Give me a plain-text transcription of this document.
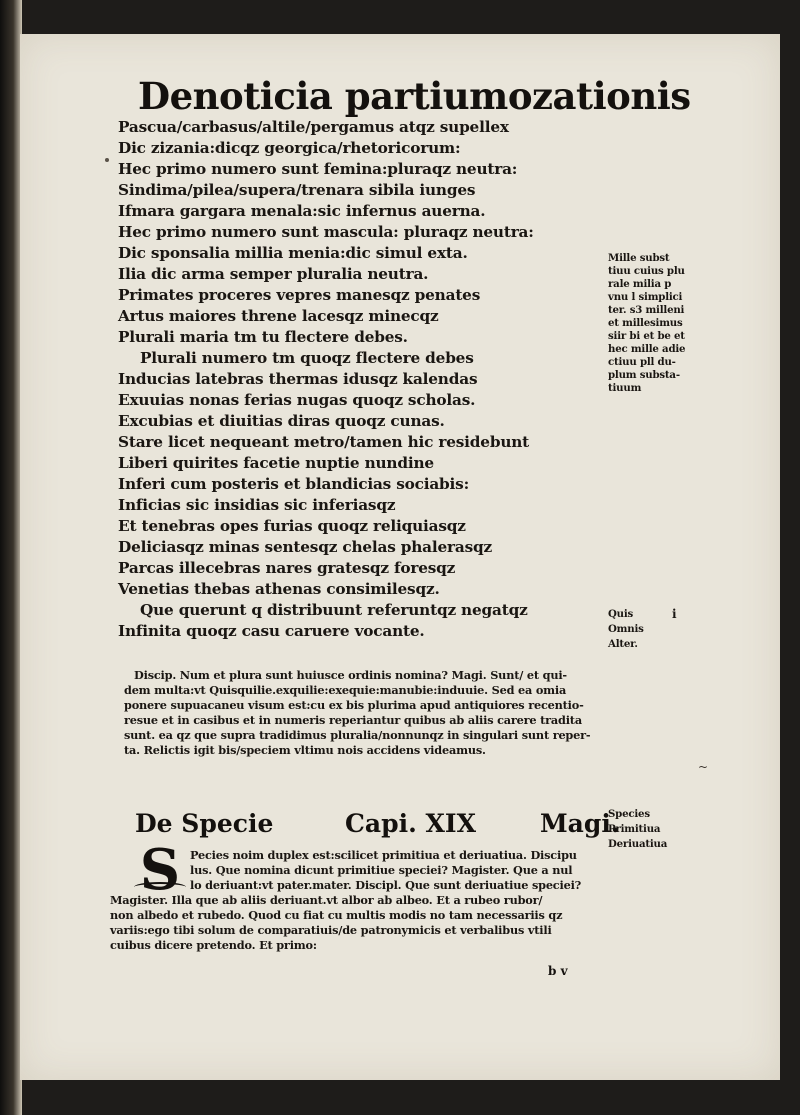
Denoticia partiumozationis
Pascua/carbasus/altile/pergamus atqz supellex
Dic zizania:dicqz georgica/rhetoricorum:
Hec primo numero sunt femina:pluraqz neutra:
Sindima/pilea/supera/trenara sibila iunges
Ifmara gargara menala:sic infernus auerna.
Hec primo numero sunt mascula: pluraqz neutra:
Dic sponsalia millia menia:dic simul exta.
Ilia dic arma semper pluralia neutra.
Primates proceres vepres manesqz penates
Artus maiores threne lacesqz minecqz
Plurali maria tm tu flectere debes.
Plurali numero tm quoqz flectere debes
Inducias latebras thermas idusqz kalendas
Exuuias nonas ferias nugas quoqz scholas.
Excubias et diuitias diras quoqz cunas.
Stare licet nequeant metro/tamen hic residebunt
Liberi quirites facetie nuptie nundine
Inferi cum posteris et blandicias sociabis:
Inficias sic insidias sic inferiasqz
Et tenebras opes furias quoqz reliquiasqz
Deliciasqz minas sentesqz chelas phalerasqz
Parcas illecebras nares gratesqz foresqz
Venetias thebas athenas consimilesqz.
Que querunt q distribuunt referuntqz negatqz
Infinita quoqz casu caruere vocante.
Mille subst
tiuu cuius plu
rale milia p
vnu l simplici
ter. s3 milleni
et millesimus
siir bi et be et
hec mille adie
ctiuu pll du-
plum substa-
tiuum
Quis
Omnis
Alter.
i
Discip. Num et plura sunt huiusce ordinis nomina? Magi. Sunt/ et qui-
dem multa:vt Quisquilie.exquilie:exequie:manubie:induuie. Sed ea omia
ponere supuacaneu visum est:cu ex bis plurima apud antiquiores recentio-
resue et in casibus et in numeris reperiantur quibus ab aliis carere tradita
sunt. ea qz que supra tradidimus pluralia/nonnunqz in singulari sunt reper-
ta. Relictis igit bis/speciem vltimu nois accidens videamus.
~
De Specie	Capi. XIX	Magi.
S Pecies noim duplex est:scilicet primitiua et deriuatiua. Discipu
lus. Que nomina dicunt primitiue speciei? Magister. Que a nul
lo deriuant:vt pater.mater. Discipl. Que sunt deriuatiue speciei?
Magister. Illa que ab aliis deriuant.vt albor ab albeo. Et a rubeo rubor/
non albedo et rubedo. Quod cu fiat cu multis modis no tam necessariis qz
variis:ego tibi solum de comparatiuis/de patronymicis et verbalibus vtili
cuibus dicere pretendo. Et primo:
Species
Primitiua
Deriuatiua
b v
